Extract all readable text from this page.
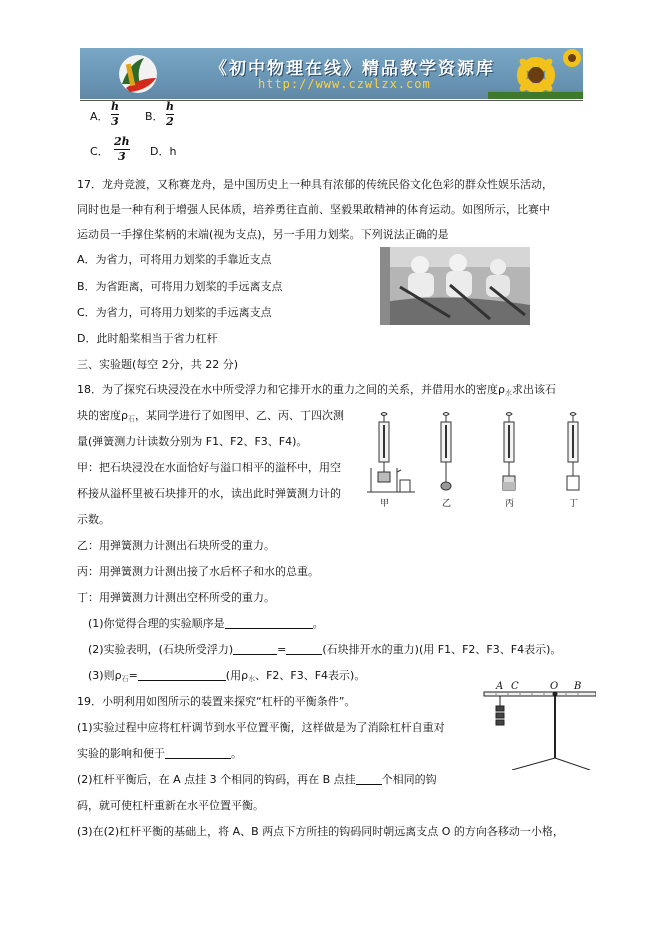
《初中物理在线》精品教学资源库
http://www.czwlzx.com
A．
h
3 B．
h
2
C．
2h
3 D．h
17．龙舟竞渡，又称赛龙舟，是中国历史上一种具有浓郁的传统民俗文化色彩的群众性娱乐活动，
同时也是一种有利于增强人民体质，培养勇往直前、坚毅果敢精神的体育运动。如图所示，比赛中
运动员一手撑住桨柄的末端(视为支点)，另一手用力划桨。下列说法正确的是
A．为省力，可将用力划桨的手靠近支点
B．为省距离，可将用力划桨的手远离支点
C．为省力，可将用力划桨的手远离支点
D．此时船桨相当于省力杠杆
三、实验题(每空 2分，共 22 分)
18．为了探究石块浸没在水中所受浮力和它排开水的重力之间的关系，并借用水的密度$\rho_水$求出该石
块的密度$\rho_石$，某同学进行了如图甲、乙、丙、丁四次测
量(弹簧测力计读数分别为 F1、F2、F3、F4)。
甲：把石块浸没在水面恰好与溢口相平的溢杯中，用空
杯接从溢杯里被石块排开的水，读出此时弹簧测力计的
示数。
乙：用弹簧测力计测出石块所受的重力。
丙：用弹簧测力计测出接了水后杯子和水的总重。
丁：用弹簧测力计测出空杯所受的重力。
(1)你觉得合理的实验顺序是	。
(2)实验表明，(石块所受浮力)	=	(石块排开水的重力)(用 F1、F2、F3、F4表示)。
(3)则$\rho_石=$	(用$\rho_水$、F2、F3、F4表示)。
甲	乙	丙	丁
19．小明利用如图所示的装置来探究“杠杆的平衡条件”。
(1)实验过程中应将杠杆调节到水平位置平衡，这样做是为了消除杠杆自重对
实验的影响和便于	。
(2)杠杆平衡后，在 A 点挂 3 个相同的钩码，再在 B 点挂 个相同的钩
码，就可使杠杆重新在水平位置平衡。
(3)在(2)杠杆平衡的基础上，将 A、B 两点下方所挂的钩码同时朝远离支点 O 的方向各移动一小格，
A C	O B
